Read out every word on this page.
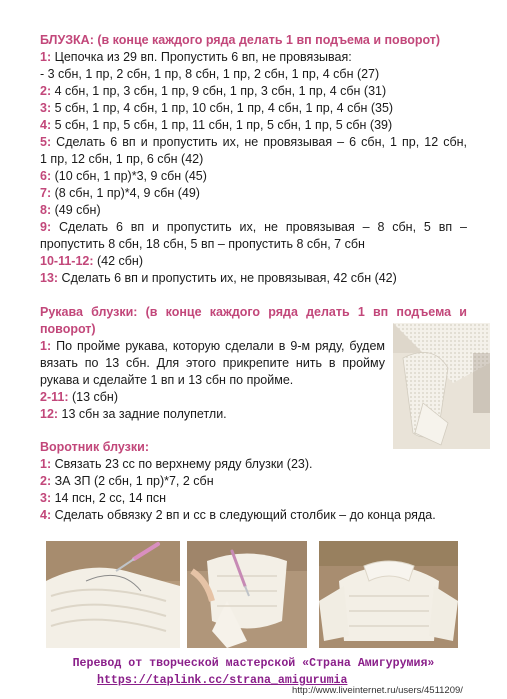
БЛУЗКА: (в конце каждого ряда делать 1 вп подъема и поворот)
1: Цепочка из 29 вп. Пропустить 6 вп, не провязывая:
- 3 сбн, 1 пр, 2 сбн, 1 пр, 8 сбн, 1 пр, 2 сбн, 1 пр, 4 сбн (27)
2: 4 сбн, 1 пр, 3 сбн, 1 пр, 9 сбн, 1 пр, 3 сбн, 1 пр, 4 сбн (31)
3: 5 сбн, 1 пр, 4 сбн, 1 пр, 10 сбн, 1 пр, 4 сбн, 1 пр, 4 сбн (35)
4: 5 сбн, 1 пр, 5 сбн, 1 пр, 11 сбн, 1 пр, 5 сбн, 1 пр, 5 сбн (39)
5: Сделать 6 вп и пропустить их, не провязывая – 6 сбн, 1 пр, 12 сбн,
1 пр, 12 сбн, 1 пр, 6 сбн (42)
6: (10 сбн, 1 пр)*3, 9 сбн (45)
7: (8 сбн, 1 пр)*4, 9 сбн (49)
8: (49 сбн)
9: Сделать 6 вп и пропустить их, не провязывая – 8 сбн, 5 вп –
пропустить 8 сбн, 18 сбн, 5 вп – пропустить 8 сбн, 7 сбн
10-11-12: (42 сбн)
13: Сделать 6 вп и пропустить их, не провязывая, 42 сбн (42)
Рукава блузки: (в конце каждого ряда делать 1 вп подъема и
поворот)
1: По пройме рукава, которую сделали в 9-м ряду, будем
вязать по 13 сбн. Для этого прикрепите нить в пройму
рукава и сделайте 1 вп и 13 сбн по пройме.
2-11: (13 сбн)
12: 13 сбн за задние полупетли.
Воротник блузки:
1: Связать 23 сс по верхнему ряду блузки (23).
2: ЗА ЗП (2 сбн, 1 пр)*7, 2 сбн
3: 14 псн, 2 сс, 14 псн
4: Сделать обвязку 2 вп и сс в следующий столбик – до конца ряда.
Перевод от творческой мастерской «Страна Амигурумия»
https://taplink.cc/strana_amigurumia
http://www.liveinternet.ru/users/4511209/
